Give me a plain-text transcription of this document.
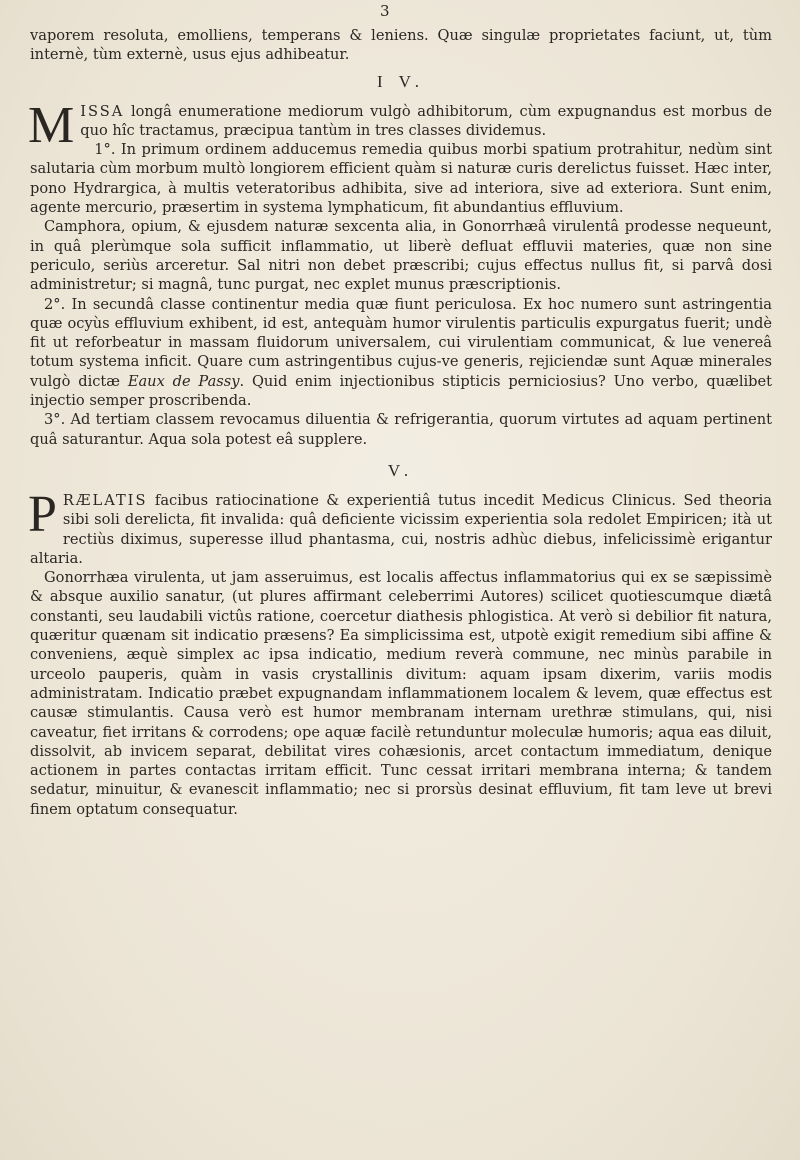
3

vaporem resoluta, emolliens, temperans & leniens. Quæ singulæ proprietates faciunt, ut, tùm internè, tùm externè, usus ejus adhibeatur.

I V.

MISSA longâ enumeratione mediorum vulgò adhibitorum, cùm expugnandus est morbus de quo hîc tractamus, præcipua tantùm in tres classes dividemus.

1°. In primum ordinem adducemus remedia quibus morbi spatium protrahitur, nedùm sint salutaria cùm morbum multò longiorem efficient quàm si naturæ curis derelictus fuisset. Hæc inter, pono Hydrargica, à multis veteratoribus adhibita, sive ad interiora, sive ad exteriora. Sunt enim, agente mercurio, præsertim in systema lymphaticum, fit abundantius effluvium.

Camphora, opium, & ejusdem naturæ sexcenta alia, in Gonorrhæâ virulentâ prodesse nequeunt, in quâ plerùmque sola sufficit inflammatio, ut liberè defluat effluvii materies, quæ non sine periculo, seriùs arceretur. Sal nitri non debet præscribi; cujus effectus nullus fit, si parvâ dosi administretur; si magnâ, tunc purgat, nec explet munus præscriptionis.

2°. In secundâ classe continentur media quæ fiunt periculosa. Ex hoc numero sunt astringentia quæ ocyùs effluvium exhibent, id est, antequàm humor virulentis particulis expurgatus fuerit; undè fit ut reforbeatur in massam fluidorum universalem, cui virulentiam communicat, & lue venereâ totum systema inficit. Quare cum astringentibus cujus-ve generis, rejiciendæ sunt Aquæ minerales vulgò dictæ Eaux de Passy. Quid enim injectionibus stipticis perniciosius? Uno verbo, quælibet injectio semper proscribenda.

3°. Ad tertiam classem revocamus diluentia & refrigerantia, quorum virtutes ad aquam pertinent quâ saturantur. Aqua sola potest eâ supplere.

V.

PRÆLATIS facibus ratiocinatione & experientiâ tutus incedit Medicus Clinicus. Sed theoria sibi soli derelicta, fit invalida: quâ deficiente vicissim experientia sola redolet Empiricen; ità ut rectiùs diximus, superesse illud phantasma, cui, nostris adhùc diebus, infelicissimè erigantur altaria.

Gonorrhæa virulenta, ut jam asseruimus, est localis affectus inflammatorius qui ex se sæpissimè & absque auxilio sanatur, (ut plures affirmant celeberrimi Autores) scilicet quotiescumque diætâ constanti, seu laudabili victûs ratione, coercetur diathesis phlogistica. At verò si debilior fit natura, quæritur quænam sit indicatio præsens? Ea simplicissima est, utpotè exigit remedium sibi affine & conveniens, æquè simplex ac ipsa indicatio, medium reverà commune, nec minùs parabile in urceolo pauperis, quàm in vasis crystallinis divitum: aquam ipsam dixerim, variis modis administratam. Indicatio præbet expugnandam inflammationem localem & levem, quæ effectus est causæ stimulantis. Causa verò est humor membranam internam urethræ stimulans, qui, nisi caveatur, fiet irritans & corrodens; ope aquæ facilè retunduntur moleculæ humoris; aqua eas diluit, dissolvit, ab invicem separat, debilitat vires cohæsionis, arcet contactum immediatum, denique actionem in partes contactas irritam efficit. Tunc cessat irritari membrana interna; & tandem sedatur, minuitur, & evanescit inflammatio; nec si prorsùs desinat effluvium, fit tam leve ut brevi finem optatum consequatur.
